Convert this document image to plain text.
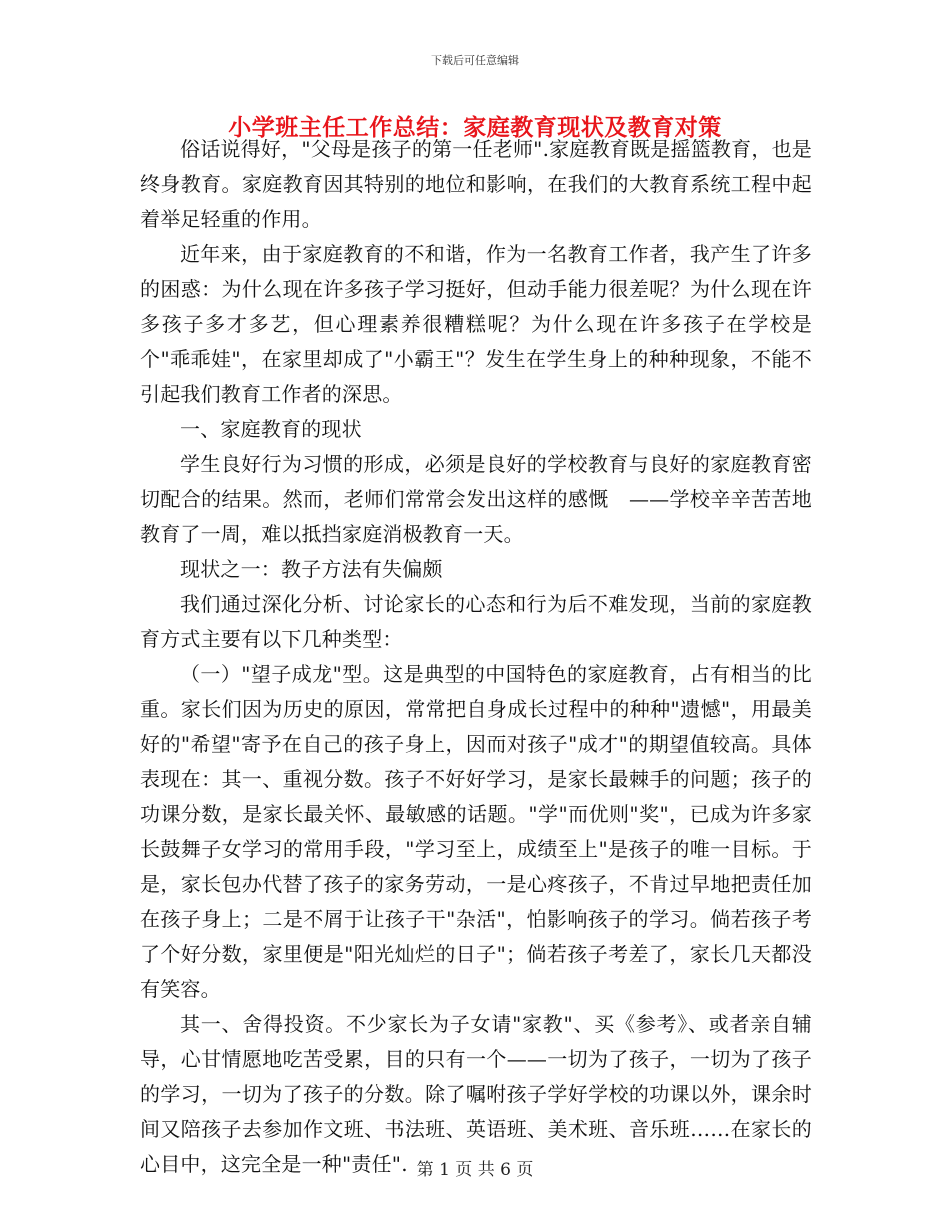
下载后可任意编辑
小学班主任工作总结：家庭教育现状及教育对策

俗话说得好，"父母是孩子的第一任老师".家庭教育既是摇篮教育，也是终身教育。家庭教育因其特别的地位和影响，在我们的大教育系统工程中起着举足轻重的作用。

近年来，由于家庭教育的不和谐，作为一名教育工作者，我产生了许多的困惑：为什么现在许多孩子学习挺好，但动手能力很差呢？为什么现在许多孩子多才多艺，但心理素养很糟糕呢？为什么现在许多孩子在学校是个"乖乖娃"，在家里却成了"小霸王"？发生在学生身上的种种现象，不能不引起我们教育工作者的深思。

一、家庭教育的现状

学生良好行为习惯的形成，必须是良好的学校教育与良好的家庭教育密切配合的结果。然而，老师们常常会发出这样的感慨　——学校辛辛苦苦地教育了一周，难以抵挡家庭消极教育一天。

现状之一：教子方法有失偏颇

我们通过深化分析、讨论家长的心态和行为后不难发现，当前的家庭教育方式主要有以下几种类型：

（一）"望子成龙"型。这是典型的中国特色的家庭教育，占有相当的比重。家长们因为历史的原因，常常把自身成长过程中的种种"遗憾"，用最美好的"希望"寄予在自己的孩子身上，因而对孩子"成才"的期望值较高。具体表现在：其一、重视分数。孩子不好好学习，是家长最棘手的问题；孩子的功课分数，是家长最关怀、最敏感的话题。"学"而优则"奖"，已成为许多家长鼓舞子女学习的常用手段，"学习至上，成绩至上"是孩子的唯一目标。于是，家长包办代替了孩子的家务劳动，一是心疼孩子，不肯过早地把责任加在孩子身上；二是不屑于让孩子干"杂活"，怕影响孩子的学习。倘若孩子考了个好分数，家里便是"阳光灿烂的日子"；倘若孩子考差了，家长几天都没有笑容。

其一、舍得投资。不少家长为子女请"家教"、买《参考》、或者亲自辅导，心甘情愿地吃苦受累，目的只有一个——一切为了孩子，一切为了孩子的学习，一切为了孩子的分数。除了嘱咐孩子学好学校的功课以外，课余时间又陪孩子去参加作文班、书法班、英语班、美术班、音乐班……在家长的心目中，这完全是一种"责任". 第 1 页 共 6 页
